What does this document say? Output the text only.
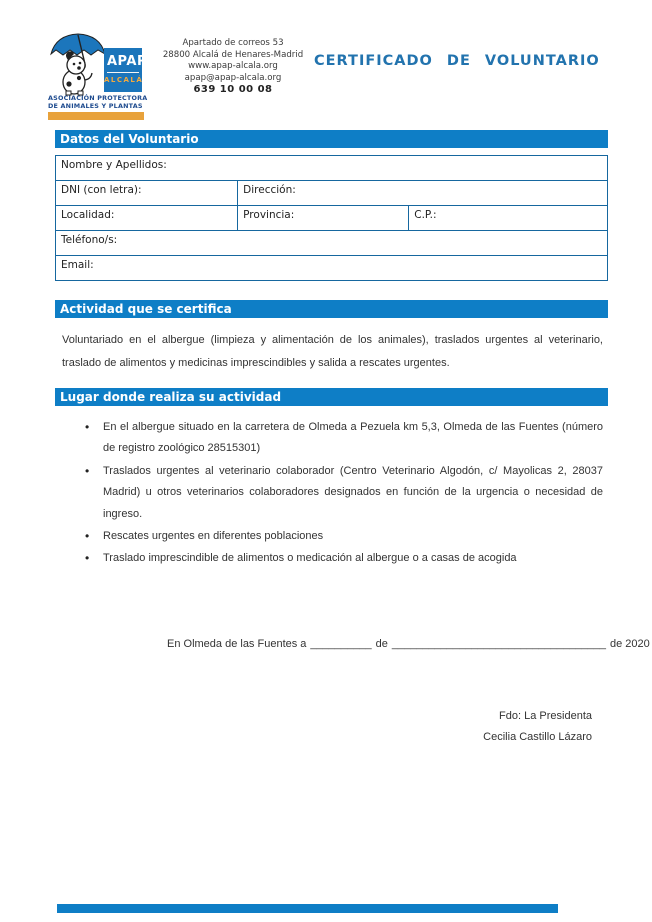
APAP
ALCALÁ
ASOCIACIÓN PROTECTORA
DE ANIMALES Y PLANTAS
Apartado de correos 53
28800 Alcalá de Henares-Madrid
www.apap-alcala.org
apap@apap-alcala.org
639 10 00 08
CERTIFICADO DE VOLUNTARIO
Datos del Voluntario
Nombre y Apellidos:		
DNI (con letra):	Dirección:	
Localidad:	Provincia:	C.P.:
Teléfono/s:		
Email:		
Actividad que se certifica
Voluntariado en el albergue (limpieza y alimentación de los animales), traslados urgentes al veterinario, traslado de alimentos y medicinas imprescindibles y salida a rescates urgentes.
Lugar donde realiza su actividad
• En el albergue situado en la carretera de Olmeda a Pezuela km 5,3, Olmeda de las Fuentes (número de registro zoológico 28515301)
• Traslados urgentes al veterinario colaborador (Centro Veterinario Algodón, c/ Mayolicas 2, 28037 Madrid) u otros veterinarios colaboradores designados en función de la urgencia o necesidad de ingreso.
• Rescates urgentes en diferentes poblaciones
• Traslado imprescindible de alimentos o medicación al albergue o a casas de acogida
En Olmeda de las Fuentes a __________ de ___________________________________ de 2020
Fdo: La Presidenta
Cecilia Castillo Lázaro
